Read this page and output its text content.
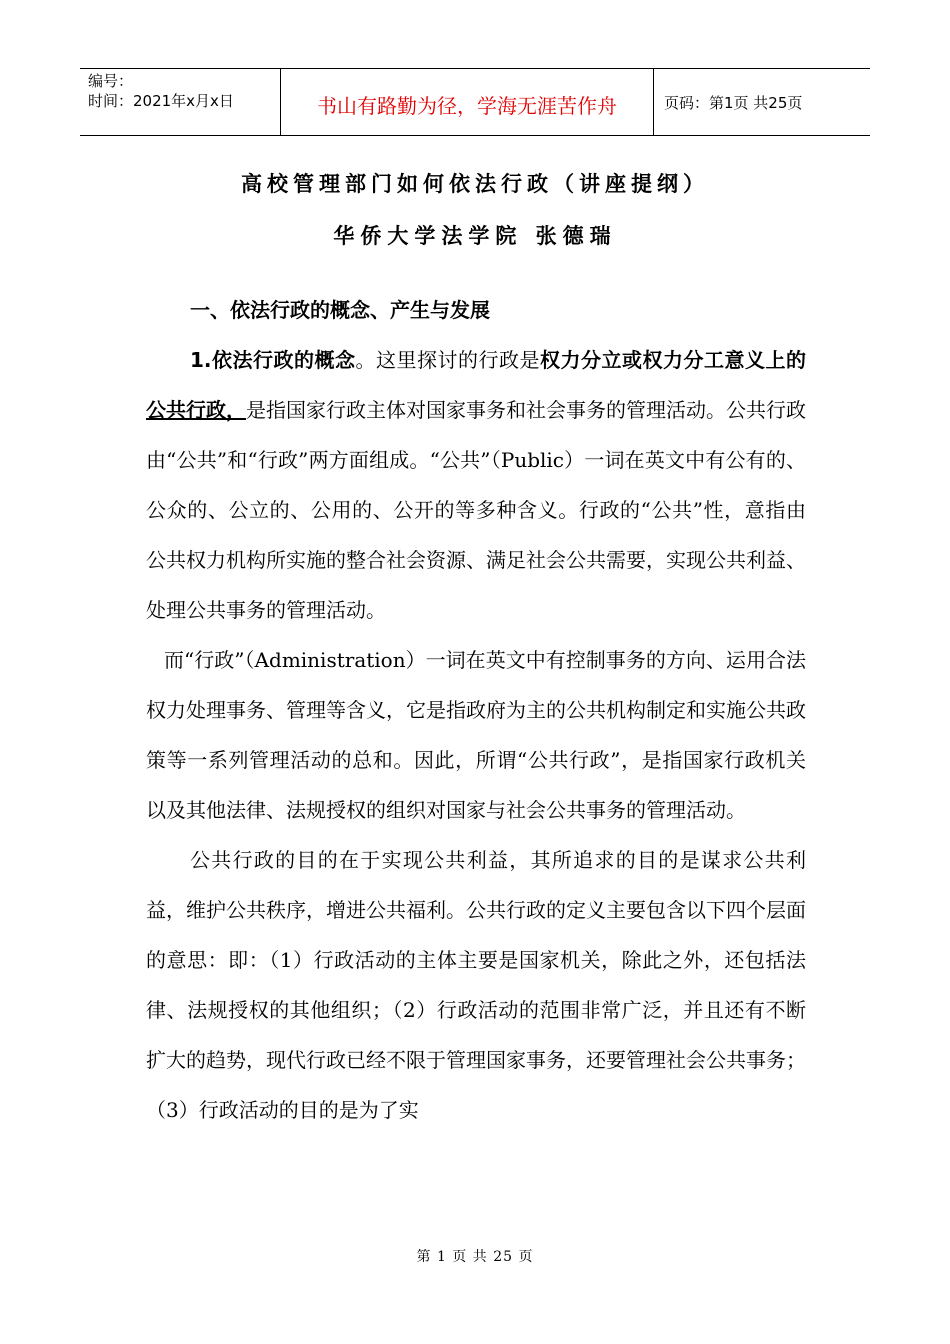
编号：
时间：2021年x月x日	书山有路勤为径，学海无涯苦作舟	页码：第1页 共25页
高校管理部门如何依法行政（讲座提纲）
华侨大学法学院 张德瑞

一、依法行政的概念、产生与发展

1.依法行政的概念。这里探讨的行政是权力分立或权力分工意义上的公共行政，是指国家行政主体对国家事务和社会事务的管理活动。公共行政由“公共”和“行政”两方面组成。“公共”（Public）一词在英文中有公有的、公众的、公立的、公用的、公开的等多种含义。行政的“公共”性，意指由公共权力机构所实施的整合社会资源、满足社会公共需要，实现公共利益、处理公共事务的管理活动。

而“行政”（Administration）一词在英文中有控制事务的方向、运用合法权力处理事务、管理等含义，它是指政府为主的公共机构制定和实施公共政策等一系列管理活动的总和。因此，所谓“公共行政”，是指国家行政机关以及其他法律、法规授权的组织对国家与社会公共事务的管理活动。

公共行政的目的在于实现公共利益，其所追求的目的是谋求公共利益，维护公共秩序，增进公共福利。公共行政的定义主要包含以下四个层面的意思：即：（1）行政活动的主体主要是国家机关，除此之外，还包括法律、法规授权的其他组织；（2）行政活动的范围非常广泛，并且还有不断扩大的趋势，现代行政已经不限于管理国家事务，还要管理社会公共事务；（3）行政活动的目的是为了实

第 1 页 共 25 页
